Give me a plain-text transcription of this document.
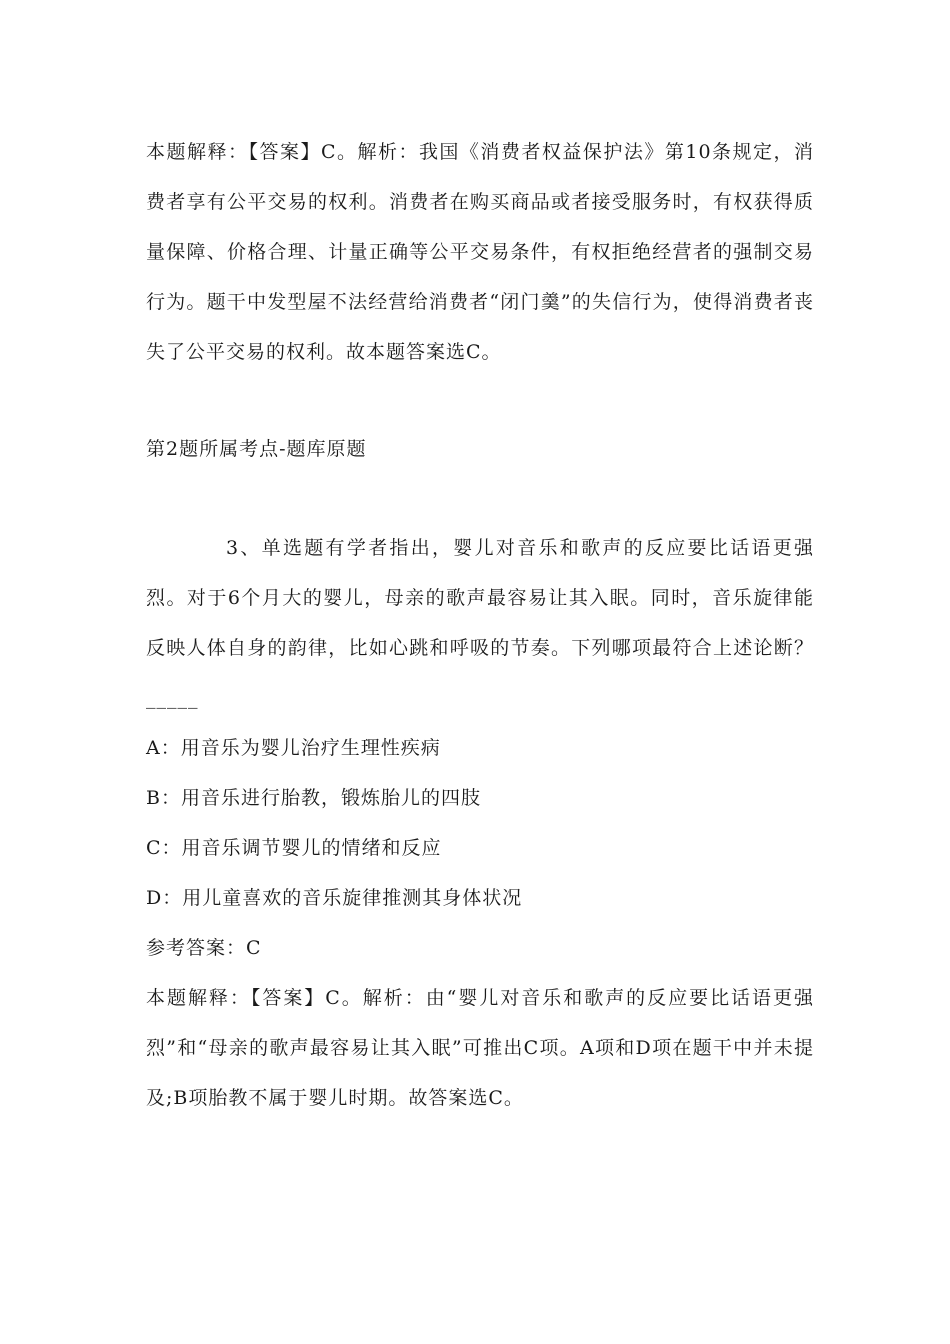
本题解释：【答案】C。解析：我国《消费者权益保护法》第10条规定，消费者享有公平交易的权利。消费者在购买商品或者接受服务时，有权获得质量保障、价格合理、计量正确等公平交易条件，有权拒绝经营者的强制交易行为。题干中发型屋不法经营给消费者“闭门羹”的失信行为，使得消费者丧失了公平交易的权利。故本题答案选C。

第2题所属考点-题库原题

3、单选题有学者指出，婴儿对音乐和歌声的反应要比话语更强烈。对于6个月大的婴儿，母亲的歌声最容易让其入眠。同时，音乐旋律能反映人体自身的韵律，比如心跳和呼吸的节奏。下列哪项最符合上述论断？_____

A：用音乐为婴儿治疗生理性疾病

B：用音乐进行胎教，锻炼胎儿的四肢

C：用音乐调节婴儿的情绪和反应

D：用儿童喜欢的音乐旋律推测其身体状况

参考答案：C

本题解释：【答案】C。解析：由“婴儿对音乐和歌声的反应要比话语更强烈”和“母亲的歌声最容易让其入眠”可推出C项。A项和D项在题干中并未提及;B项胎教不属于婴儿时期。故答案选C。
